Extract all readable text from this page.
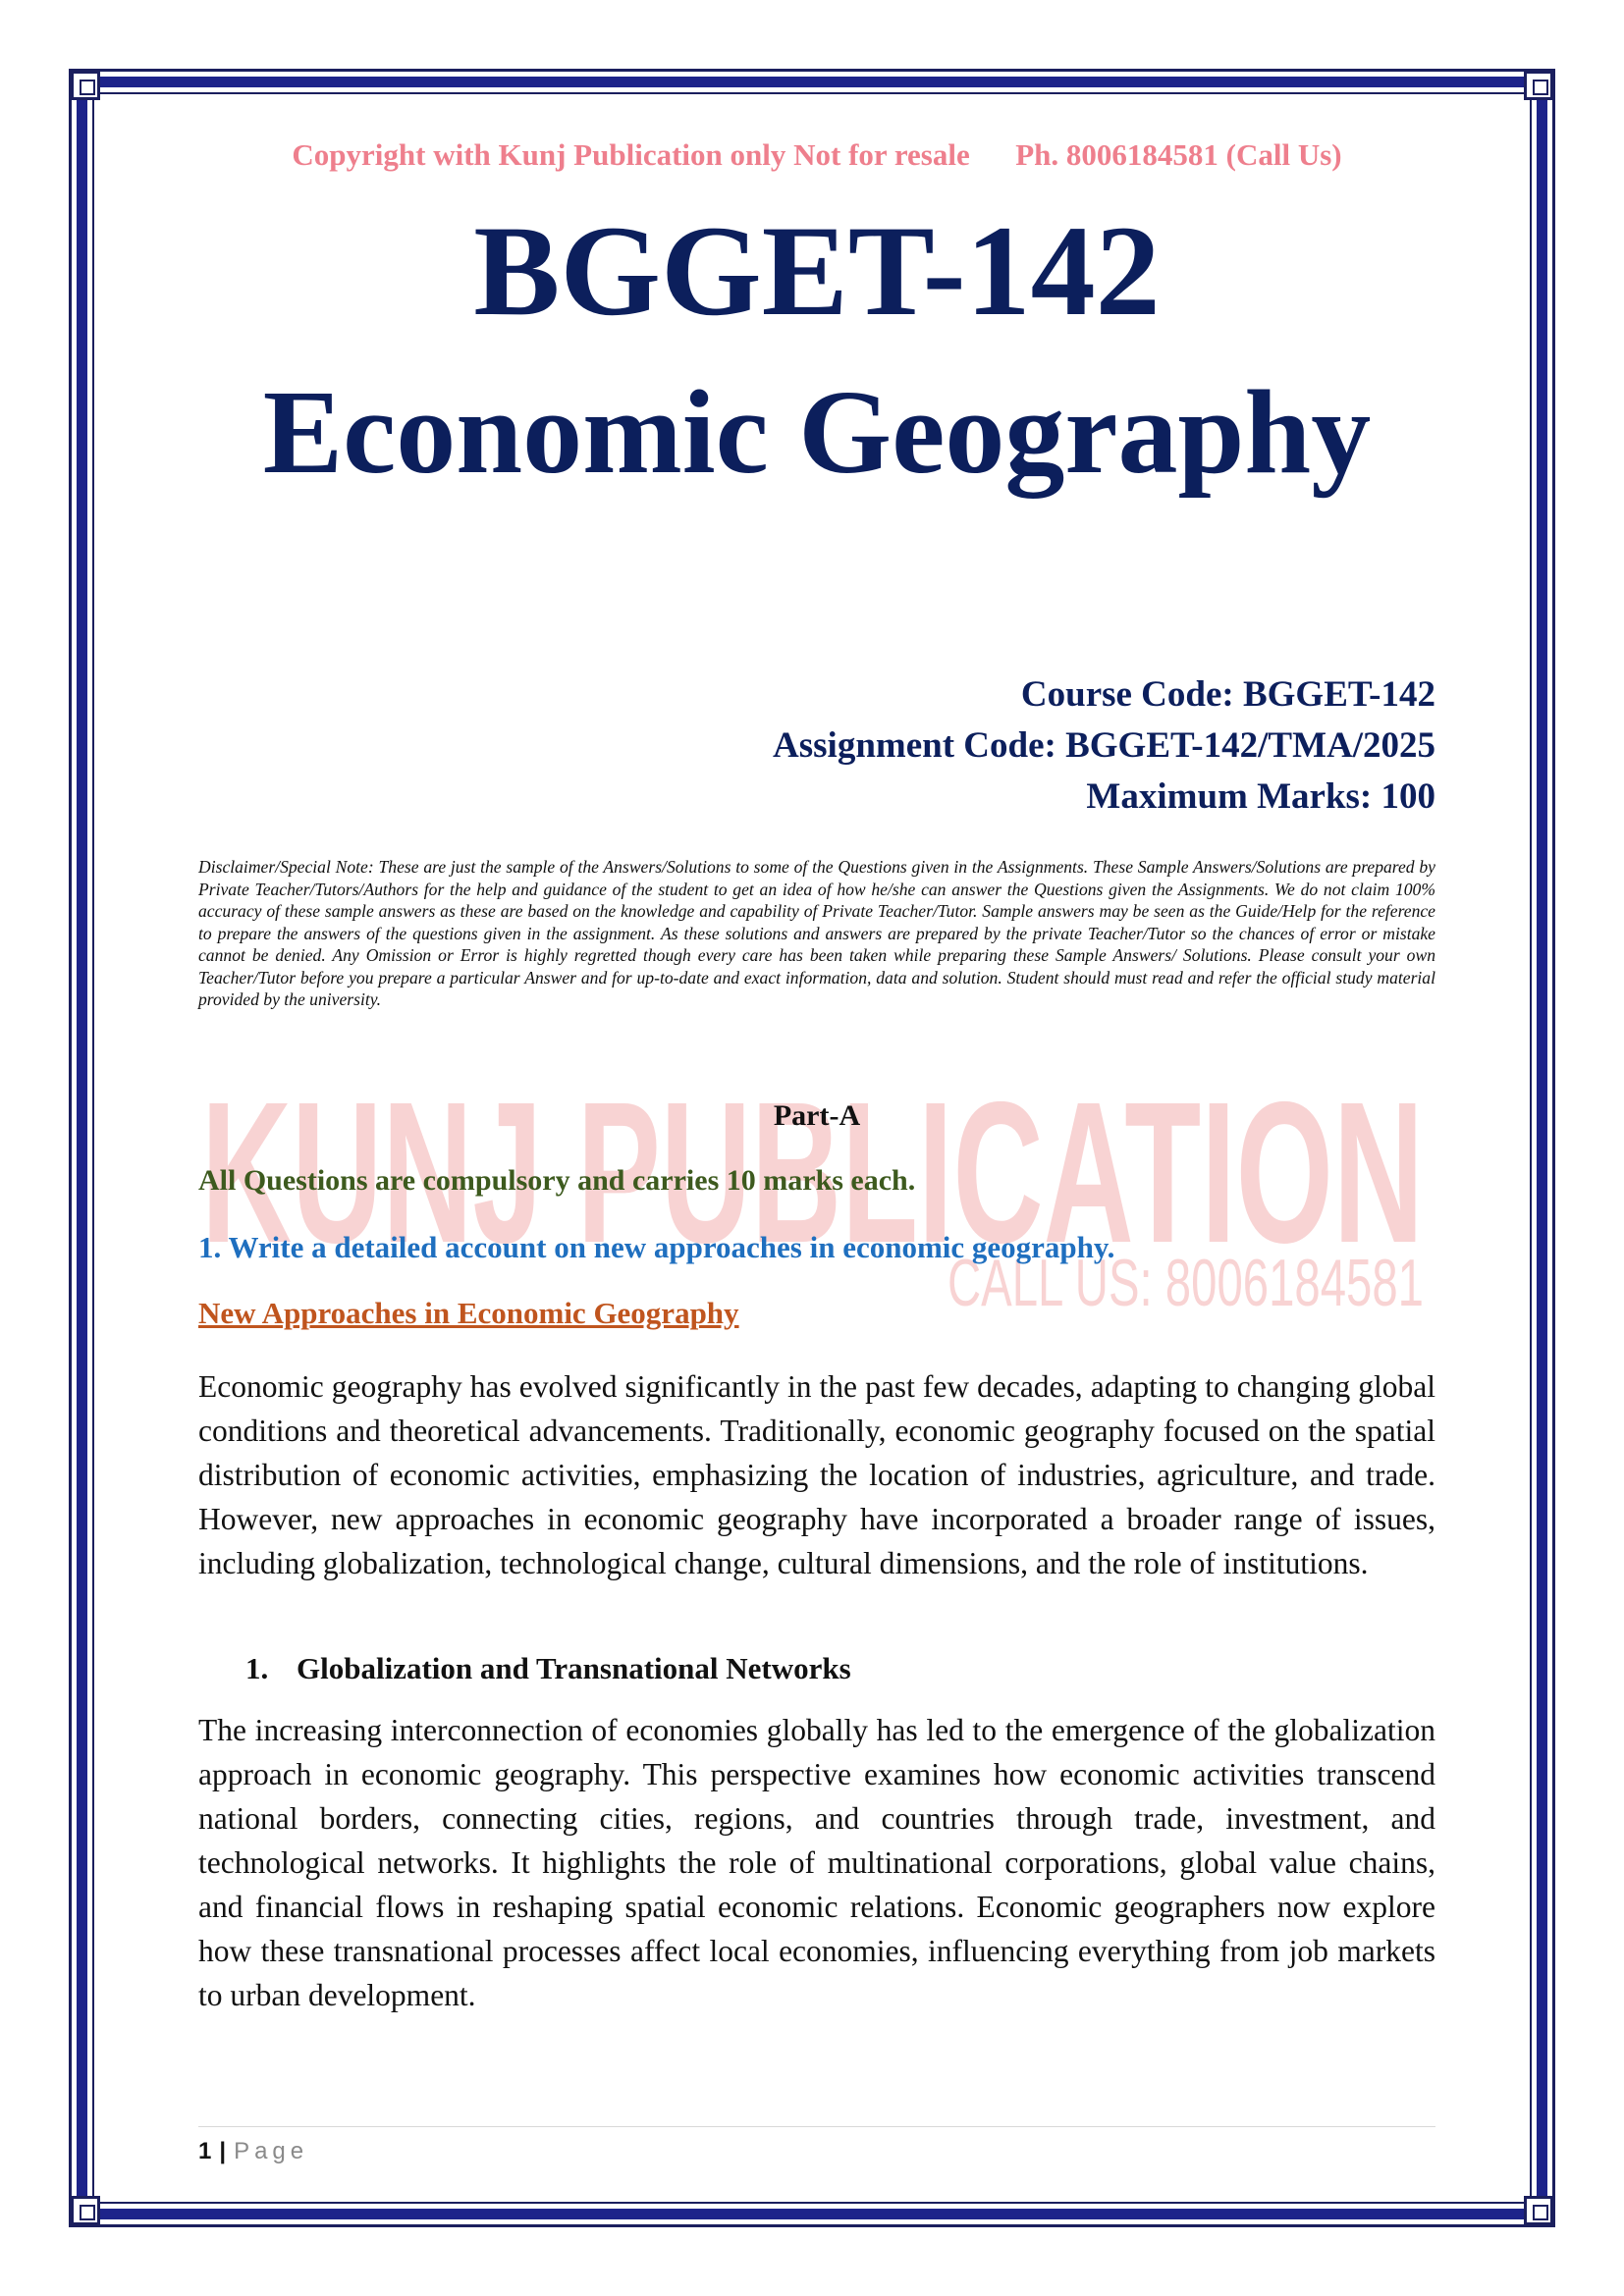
KUNJ PUBLICATION
CALL US: 8006184581
Copyright with Kunj Publication only Not for resale Ph. 8006184581 (Call Us)
BGGET-142
Economic Geography
Course Code: BGGET-142
Assignment Code: BGGET-142/TMA/2025
Maximum Marks: 100
Disclaimer/Special Note: These are just the sample of the Answers/Solutions to some of the Questions given in the Assignments. These Sample Answers/Solutions are prepared by Private Teacher/Tutors/Authors for the help and guidance of the student to get an idea of how he/she can answer the Questions given the Assignments. We do not claim 100% accuracy of these sample answers as these are based on the knowledge and capability of Private Teacher/Tutor. Sample answers may be seen as the Guide/Help for the reference to prepare the answers of the questions given in the assignment. As these solutions and answers are prepared by the private Teacher/Tutor so the chances of error or mistake cannot be denied. Any Omission or Error is highly regretted though every care has been taken while preparing these Sample Answers/ Solutions. Please consult your own Teacher/Tutor before you prepare a particular Answer and for up-to-date and exact information, data and solution. Student should must read and refer the official study material provided by the university.
Part-A
All Questions are compulsory and carries 10 marks each.
1. Write a detailed account on new approaches in economic geography.
New Approaches in Economic Geography
Economic geography has evolved significantly in the past few decades, adapting to changing global conditions and theoretical advancements. Traditionally, economic geography focused on the spatial distribution of economic activities, emphasizing the location of industries, agriculture, and trade. However, new approaches in economic geography have incorporated a broader range of issues, including globalization, technological change, cultural dimensions, and the role of institutions.
1. Globalization and Transnational Networks
The increasing interconnection of economies globally has led to the emergence of the globalization approach in economic geography. This perspective examines how economic activities transcend national borders, connecting cities, regions, and countries through trade, investment, and technological networks. It highlights the role of multinational corporations, global value chains, and financial flows in reshaping spatial economic relations. Economic geographers now explore how these transnational processes affect local economies, influencing everything from job markets to urban development.
1 | Page
